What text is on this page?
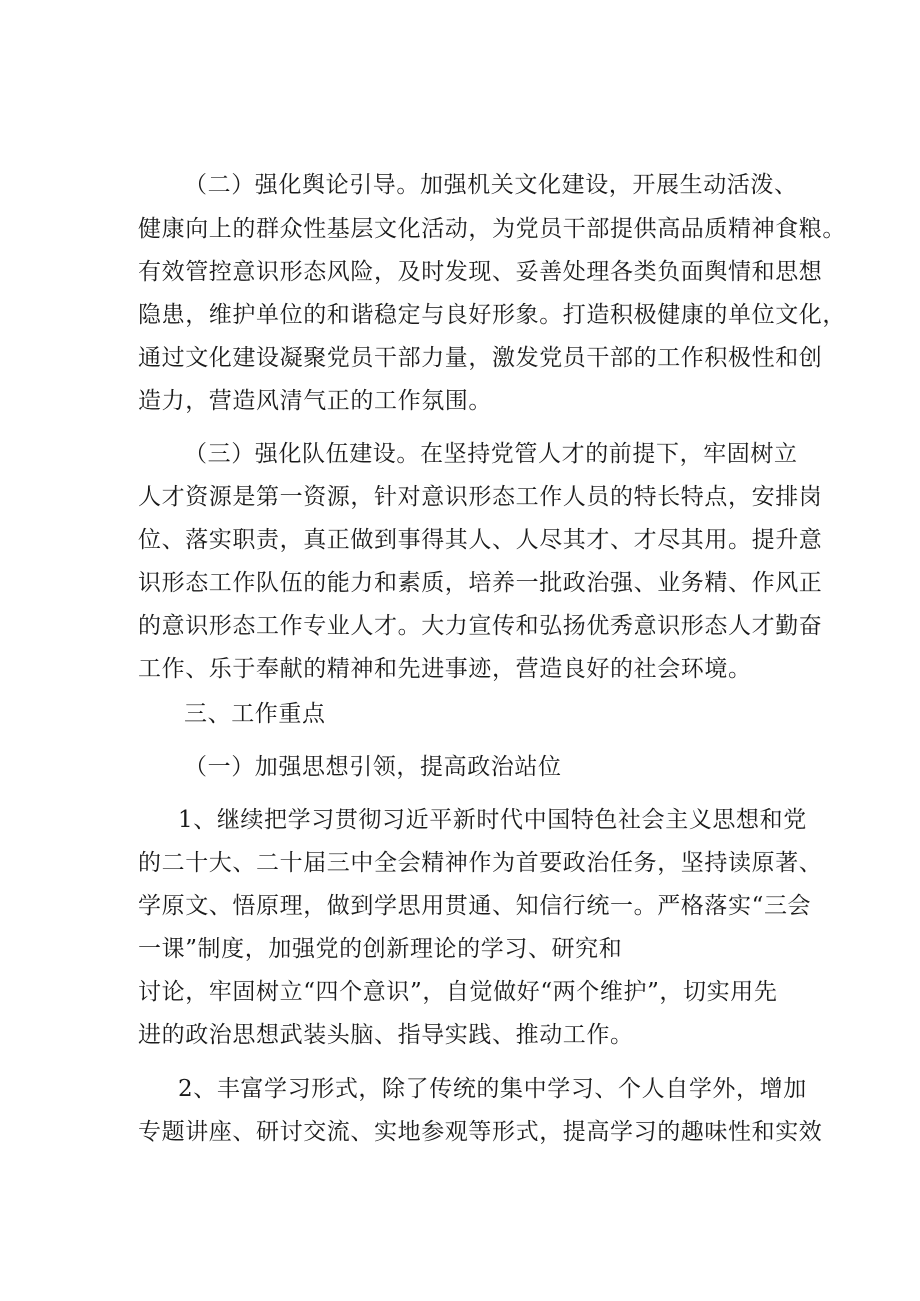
（二）强化舆论引导。加强机关文化建设，开展生动活泼、
健康向上的群众性基层文化活动，为党员干部提供高品质精神食粮。
有效管控意识形态风险，及时发现、妥善处理各类负面舆情和思想
隐患，维护单位的和谐稳定与良好形象。打造积极健康的单位文化，
通过文化建设凝聚党员干部力量，激发党员干部的工作积极性和创
造力，营造风清气正的工作氛围。
（三）强化队伍建设。在坚持党管人才的前提下，牢固树立
人才资源是第一资源，针对意识形态工作人员的特长特点，安排岗
位、落实职责，真正做到事得其人、人尽其才、才尽其用。提升意
识形态工作队伍的能力和素质，培养一批政治强、业务精、作风正
的意识形态工作专业人才。大力宣传和弘扬优秀意识形态人才勤奋
工作、乐于奉献的精神和先进事迹，营造良好的社会环境。
三、工作重点
（一）加强思想引领，提高政治站位
1、继续把学习贯彻习近平新时代中国特色社会主义思想和党
的二十大、二十届三中全会精神作为首要政治任务，坚持读原著、
学原文、悟原理，做到学思用贯通、知信行统一。严格落实“三会
一课”制度，加强党的创新理论的学习、研究和
讨论，牢固树立“四个意识”，自觉做好“两个维护”，切实用先
进的政治思想武装头脑、指导实践、推动工作。
2、丰富学习形式，除了传统的集中学习、个人自学外，增加
专题讲座、研讨交流、实地参观等形式，提高学习的趣味性和实效
